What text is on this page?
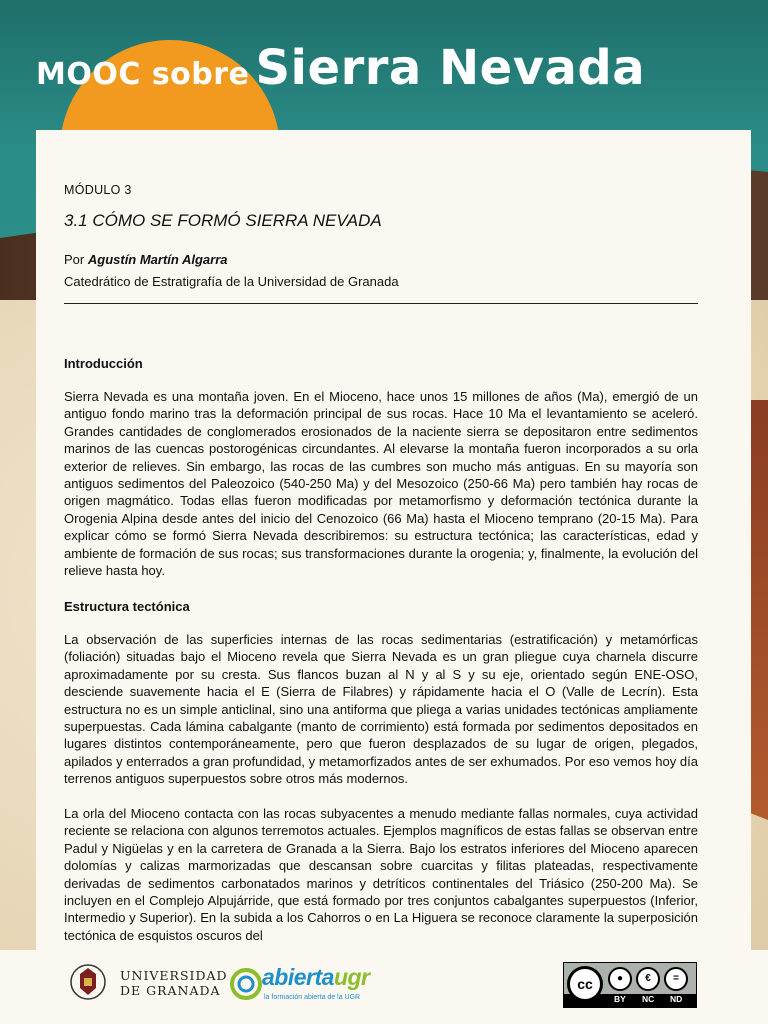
MOOC sobre Sierra Nevada
MÓDULO 3
3.1 CÓMO SE FORMÓ SIERRA NEVADA
Por Agustín Martín Algarra
Catedrático de Estratigrafía de la Universidad de Granada
Introducción

Sierra Nevada es una montaña joven. En el Mioceno, hace unos 15 millones de años (Ma), emergió de un antiguo fondo marino tras la deformación principal de sus rocas. Hace 10 Ma el levantamiento se aceleró. Grandes cantidades de conglomerados erosionados de la naciente sierra se depositaron entre sedimentos marinos de las cuencas postorogénicas circundantes. Al elevarse la montaña fueron incorporados a su orla exterior de relieves. Sin embargo, las rocas de las cumbres son mucho más antiguas. En su mayoría son antiguos sedimentos del Paleozoico (540-250 Ma) y del Mesozoico (250-66 Ma) pero también hay rocas de origen magmático. Todas ellas fueron modificadas por metamorfismo y deformación tectónica durante la Orogenia Alpina desde antes del inicio del Cenozoico (66 Ma) hasta el Mioceno temprano (20-15 Ma). Para explicar cómo se formó Sierra Nevada describiremos: su estructura tectónica; las características, edad y ambiente de formación de sus rocas; sus transformaciones durante la orogenia; y, finalmente, la evolución del relieve hasta hoy.

Estructura tectónica

La observación de las superficies internas de las rocas sedimentarias (estratificación) y metamórficas (foliación) situadas bajo el Mioceno revela que Sierra Nevada es un gran pliegue cuya charnela discurre aproximadamente por su cresta. Sus flancos buzan al N y al S y su eje, orientado según ENE-OSO, desciende suavemente hacia el E (Sierra de Filabres) y rápidamente hacia el O (Valle de Lecrín). Esta estructura no es un simple anticlinal, sino una antiforma que pliega a varias unidades tectónicas ampliamente superpuestas. Cada lámina cabalgante (manto de corrimiento) está formada por sedimentos depositados en lugares distintos contemporáneamente, pero que fueron desplazados de su lugar de origen, plegados, apilados y enterrados a gran profundidad, y metamorfizados antes de ser exhumados. Por eso vemos hoy día terrenos antiguos superpuestos sobre otros más modernos.

La orla del Mioceno contacta con las rocas subyacentes a menudo mediante fallas normales, cuya actividad reciente se relaciona con algunos terremotos actuales. Ejemplos magníficos de estas fallas se observan entre Padul y Nigüelas y en la carretera de Granada a la Sierra. Bajo los estratos inferiores del Mioceno aparecen dolomías y calizas marmorizadas que descansan sobre cuarcitas y filitas plateadas, respectivamente derivadas de sedimentos carbonatados marinos y detríticos continentales del Triásico (250-200 Ma). Se incluyen en el Complejo Alpujárride, que está formado por tres conjuntos cabalgantes superpuestos (Inferior, Intermedio y Superior). En la subida a los Cahorros o en La Higuera se reconoce claramente la superposición tectónica de esquistos oscuros del

UNIVERSIDAD
DE GRANADA
abiertaugr
la formación abierta de la UGR
cc	●	€	=
BY NC ND
